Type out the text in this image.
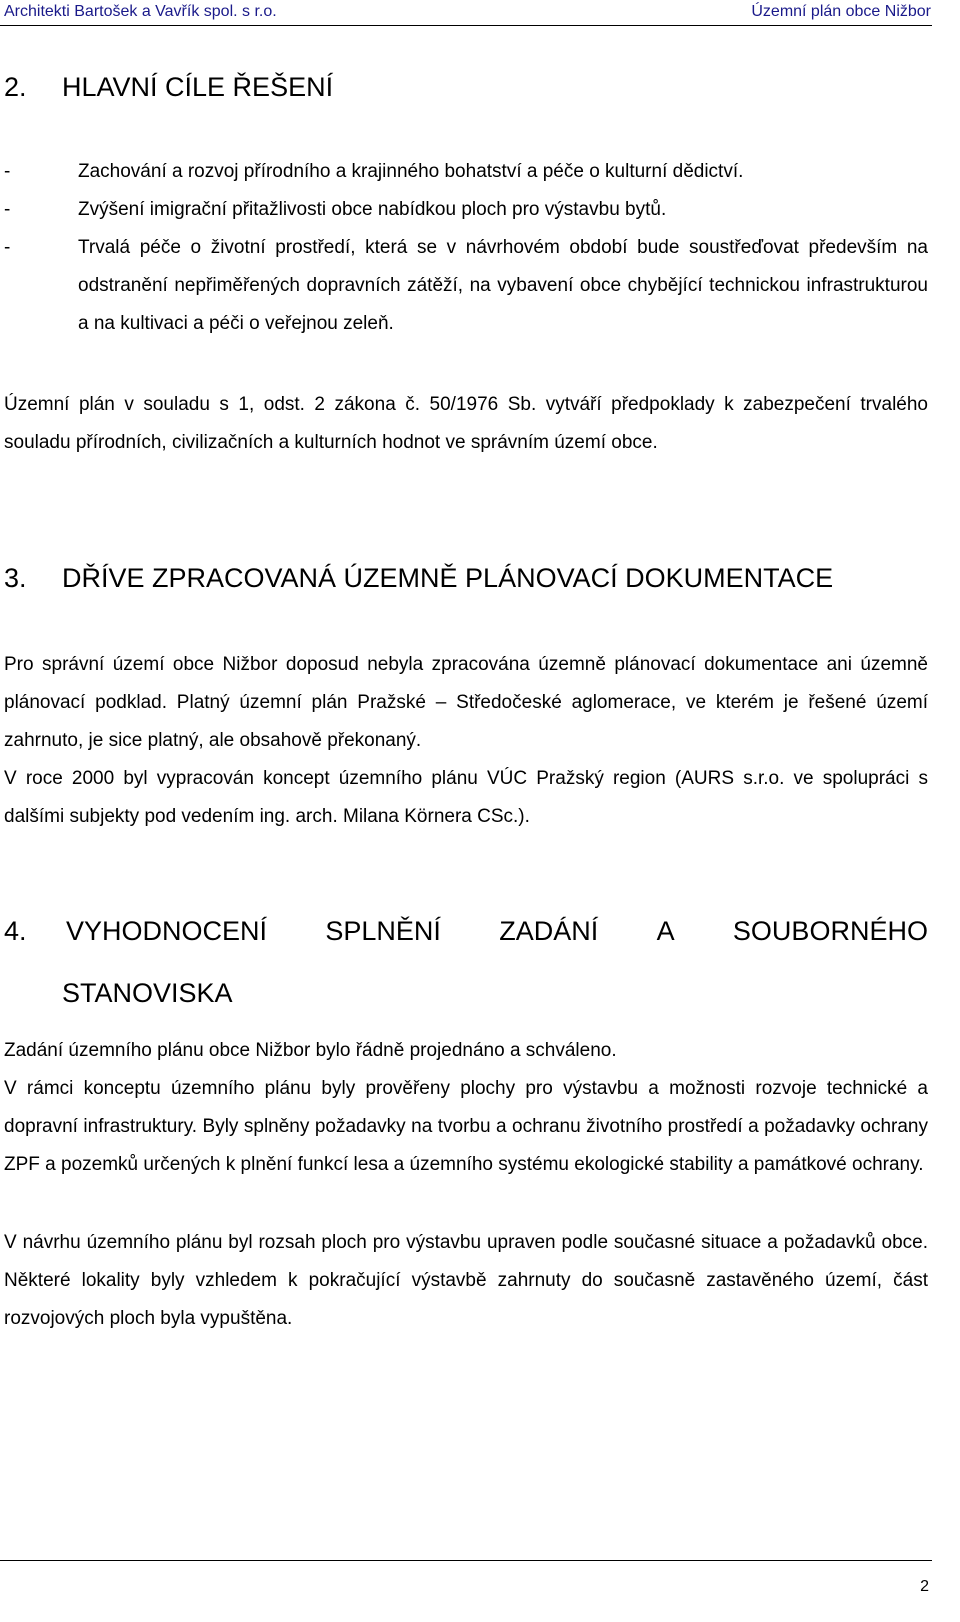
Architekti Bartošek a Vavřík spol. s r.o.	Územní plán obce Nižbor
2. HLAVNÍ CÍLE ŘEŠENÍ
-	Zachování a rozvoj přírodního a krajinného bohatství a péče o kulturní dědictví.
-	Zvýšení imigrační přitažlivosti obce nabídkou ploch pro výstavbu bytů.
-	Trvalá péče o životní prostředí, která se v návrhovém období bude soustřeďovat především na odstranění nepřiměřených dopravních zátěží, na vybavení obce chybějící technickou infrastrukturou a na kultivaci a péči o veřejnou zeleň.

Územní plán v souladu s 1, odst. 2 zákona č. 50/1976 Sb. vytváří předpoklady k zabezpečení trvalého souladu přírodních, civilizačních a kulturních hodnot ve správním území obce.

3. DŘÍVE ZPRACOVANÁ ÚZEMNĚ PLÁNOVACÍ DOKUMENTACE

Pro správní území obce Nižbor doposud nebyla zpracována územně plánovací dokumentace ani územně plánovací podklad. Platný územní plán Pražské – Středočeské aglomerace, ve kterém je řešené území zahrnuto, je sice platný, ale obsahově překonaný.

V roce 2000 byl vypracován koncept územního plánu VÚC Pražský region (AURS s.r.o. ve spolupráci s dalšími subjekty pod vedením ing. arch. Milana Körnera CSc.).

4. VYHODNOCENÍ SPLNĚNÍ ZADÁNÍ A SOUBORNÉHO
STANOVISKA

Zadání územního plánu obce Nižbor bylo řádně projednáno a schváleno.

V rámci konceptu územního plánu byly prověřeny plochy pro výstavbu a možnosti rozvoje technické a dopravní infrastruktury. Byly splněny požadavky na tvorbu a ochranu životního prostředí a požadavky ochrany ZPF a pozemků určených k plnění funkcí lesa a územního systému ekologické stability a památkové ochrany.

V návrhu územního plánu byl rozsah ploch pro výstavbu upraven podle současné situace a požadavků obce. Některé lokality byly vzhledem k pokračující výstavbě zahrnuty do současně zastavěného území, část rozvojových ploch byla vypuštěna.

2
